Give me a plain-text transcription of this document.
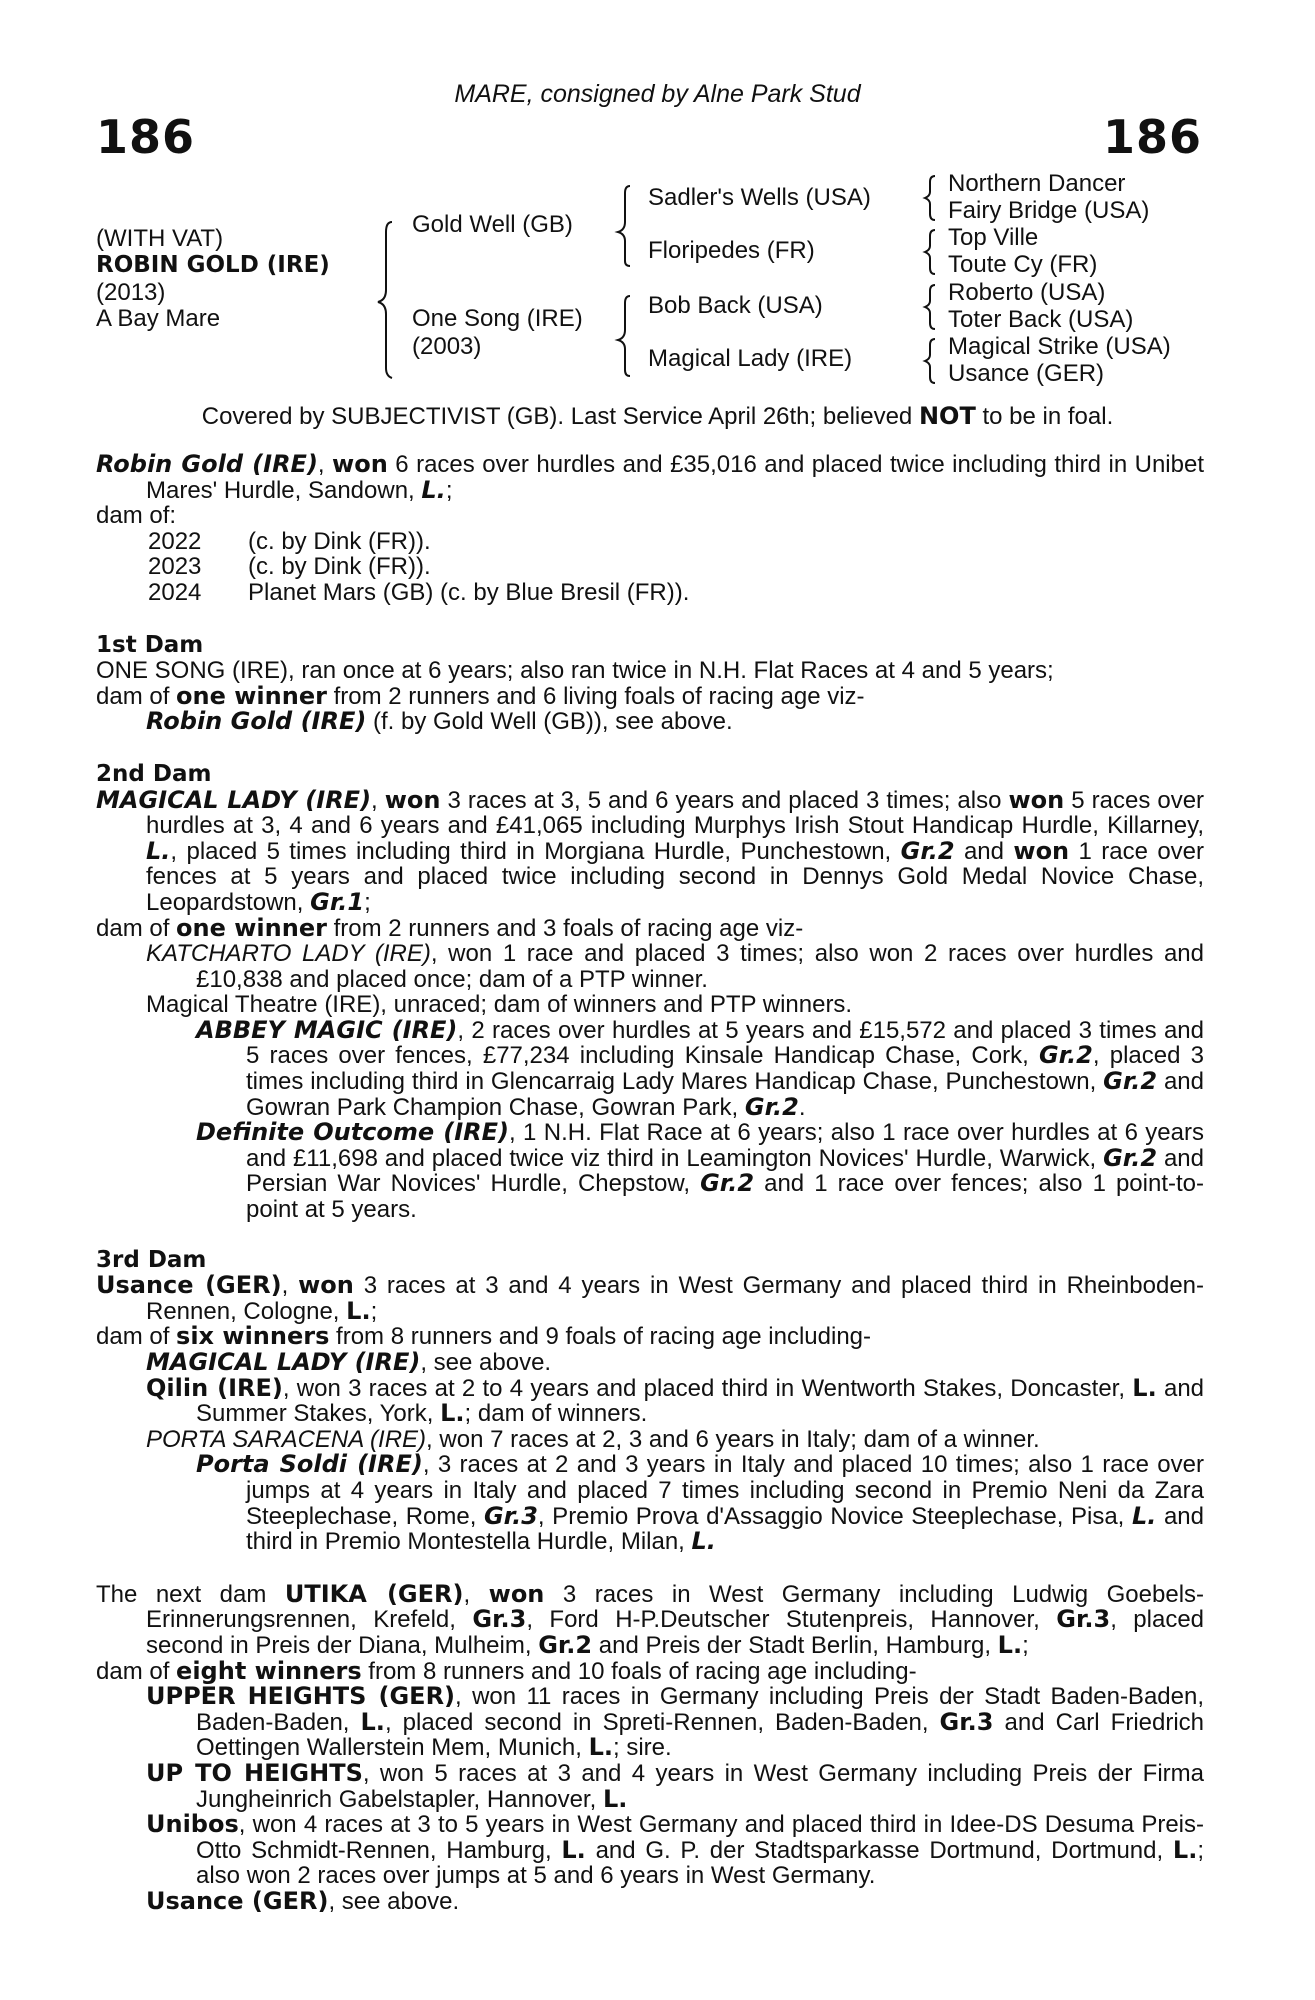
186	186
MARE, consigned by Alne Park Stud
(WITH VAT)
ROBIN GOLD (IRE)
(2013)
A Bay Mare
Gold Well (GB)
One Song (IRE)
(2003)
Sadler's Wells (USA)
Floripedes (FR)
Bob Back (USA)
Magical Lady (IRE)
Northern Dancer
Fairy Bridge (USA)
Top Ville
Toute Cy (FR)
Roberto (USA)
Toter Back (USA)
Magical Strike (USA)
Usance (GER)
Covered by SUBJECTIVIST (GB). Last Service April 26th; believed NOT to be in foal.

Robin Gold (IRE), won 6 races over hurdles and £35,016 and placed twice including third in Unibet Mares' Hurdle, Sandown, L.;

dam of:

2022	(c. by Dink (FR)).
2023	(c. by Dink (FR)).
2024	Planet Mars (GB) (c. by Blue Bresil (FR)).

1st Dam

ONE SONG (IRE), ran once at 6 years; also ran twice in N.H. Flat Races at 4 and 5 years;

dam of one winner from 2 runners and 6 living foals of racing age viz-

Robin Gold (IRE) (f. by Gold Well (GB)), see above.

2nd Dam

MAGICAL LADY (IRE), won 3 races at 3, 5 and 6 years and placed 3 times; also won 5 races over hurdles at 3, 4 and 6 years and £41,065 including Murphys Irish Stout Handicap Hurdle, Killarney, L., placed 5 times including third in Morgiana Hurdle, Punchestown, Gr.2 and won 1 race over fences at 5 years and placed twice including second in Dennys Gold Medal Novice Chase, Leopardstown, Gr.1;

dam of one winner from 2 runners and 3 foals of racing age viz-

KATCHARTO LADY (IRE), won 1 race and placed 3 times; also won 2 races over hurdles and £10,838 and placed once; dam of a PTP winner.

Magical Theatre (IRE), unraced; dam of winners and PTP winners.

ABBEY MAGIC (IRE), 2 races over hurdles at 5 years and £15,572 and placed 3 times and 5 races over fences, £77,234 including Kinsale Handicap Chase, Cork, Gr.2, placed 3 times including third in Glencarraig Lady Mares Handicap Chase, Punchestown, Gr.2 and Gowran Park Champion Chase, Gowran Park, Gr.2.

Definite Outcome (IRE), 1 N.H. Flat Race at 6 years; also 1 race over hurdles at 6 years and £11,698 and placed twice viz third in Leamington Novices' Hurdle, Warwick, Gr.2 and Persian War Novices' Hurdle, Chepstow, Gr.2 and 1 race over fences; also 1 point-to-point at 5 years.

3rd Dam

Usance (GER), won 3 races at 3 and 4 years in West Germany and placed third in Rheinboden-Rennen, Cologne, L.;

dam of six winners from 8 runners and 9 foals of racing age including-

MAGICAL LADY (IRE), see above.

Qilin (IRE), won 3 races at 2 to 4 years and placed third in Wentworth Stakes, Doncaster, L. and Summer Stakes, York, L.; dam of winners.

PORTA SARACENA (IRE), won 7 races at 2, 3 and 6 years in Italy; dam of a winner.

Porta Soldi (IRE), 3 races at 2 and 3 years in Italy and placed 10 times; also 1 race over jumps at 4 years in Italy and placed 7 times including second in Premio Neni da Zara Steeplechase, Rome, Gr.3, Premio Prova d'Assaggio Novice Steeplechase, Pisa, L. and third in Premio Montestella Hurdle, Milan, L.

The next dam UTIKA (GER), won 3 races in West Germany including Ludwig Goebels-Erinnerungsrennen, Krefeld, Gr.3, Ford H-P.Deutscher Stutenpreis, Hannover, Gr.3, placed second in Preis der Diana, Mulheim, Gr.2 and Preis der Stadt Berlin, Hamburg, L.;

dam of eight winners from 8 runners and 10 foals of racing age including-

UPPER HEIGHTS (GER), won 11 races in Germany including Preis der Stadt Baden-Baden, Baden-Baden, L., placed second in Spreti-Rennen, Baden-Baden, Gr.3 and Carl Friedrich Oettingen Wallerstein Mem, Munich, L.; sire.

UP TO HEIGHTS, won 5 races at 3 and 4 years in West Germany including Preis der Firma Jungheinrich Gabelstapler, Hannover, L.

Unibos, won 4 races at 3 to 5 years in West Germany and placed third in Idee-DS Desuma Preis-Otto Schmidt-Rennen, Hamburg, L. and G. P. der Stadtsparkasse Dortmund, Dortmund, L.; also won 2 races over jumps at 5 and 6 years in West Germany.

Usance (GER), see above.
